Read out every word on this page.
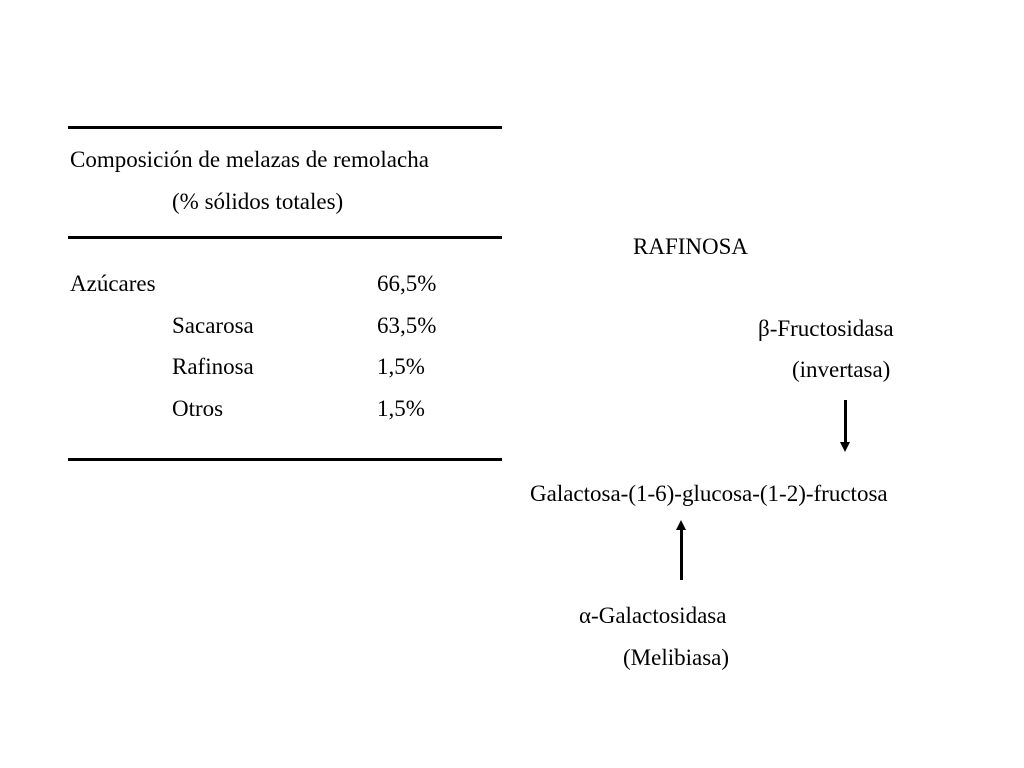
Composición de melazas de remolacha
(% sólidos totales)
Azúcares	66,5%
Sacarosa	63,5%
Rafinosa	1,5%
Otros	1,5%
RAFINOSA
β-Fructosidasa
(invertasa)
Galactosa-(1-6)-glucosa-(1-2)-fructosa
α-Galactosidasa
(Melibiasa)
